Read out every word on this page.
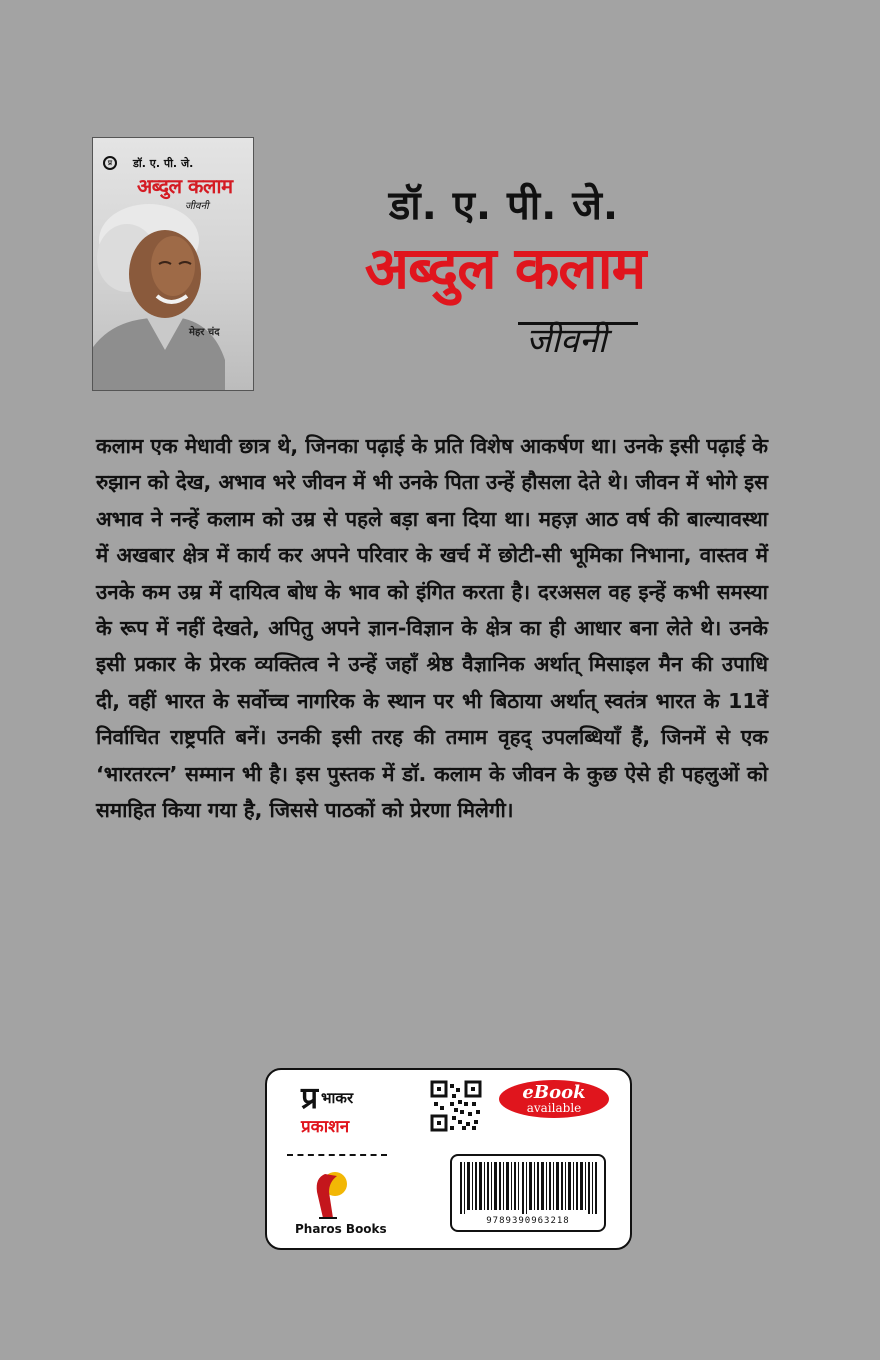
प्र	डॉ. ए. पी. जे.
अब्दुल कलाम
जीवनी
मेहर चंद
डॉ. ए. पी. जे.
अब्दुल कलाम
जीवनी

कलाम एक मेधावी छात्र थे, जिनका पढ़ाई के प्रति विशेष आकर्षण था। उनके इसी पढ़ाई के रुझान को देख, अभाव भरे जीवन में भी उनके पिता उन्हें हौसला देते थे। जीवन में भोगे इस अभाव ने नन्हें कलाम को उम्र से पहले बड़ा बना दिया था। महज़ आठ वर्ष की बाल्यावस्था में अखबार क्षेत्र में कार्य कर अपने परिवार के खर्च में छोटी-सी भूमिका निभाना, वास्तव में उनके कम उम्र में दायित्व बोध के भाव को इंगित करता है। दरअसल वह इन्हें कभी समस्या के रूप में नहीं देखते, अपितु अपने ज्ञान-विज्ञान के क्षेत्र का ही आधार बना लेते थे। उनके इसी प्रकार के प्रेरक व्यक्तित्व ने उन्हें जहाँ श्रेष्ठ वैज्ञानिक अर्थात् मिसाइल मैन की उपाधि दी, वहीं भारत के सर्वोच्च नागरिक के स्थान पर भी बिठाया अर्थात् स्वतंत्र भारत के 11वें निर्वाचित राष्ट्रपति बनें। उनकी इसी तरह की तमाम वृहद् उपलब्धियाँ हैं, जिनमें से एक ‘भारतरत्न’ सम्मान भी है। इस पुस्तक में डॉ. कलाम के जीवन के कुछ ऐसे ही पहलुओं को समाहित किया गया है, जिससे पाठकों को प्रेरणा मिलेगी।

प्र भाकर
प्रकाशन
Pharos Books
eBook
available
9789390963218
